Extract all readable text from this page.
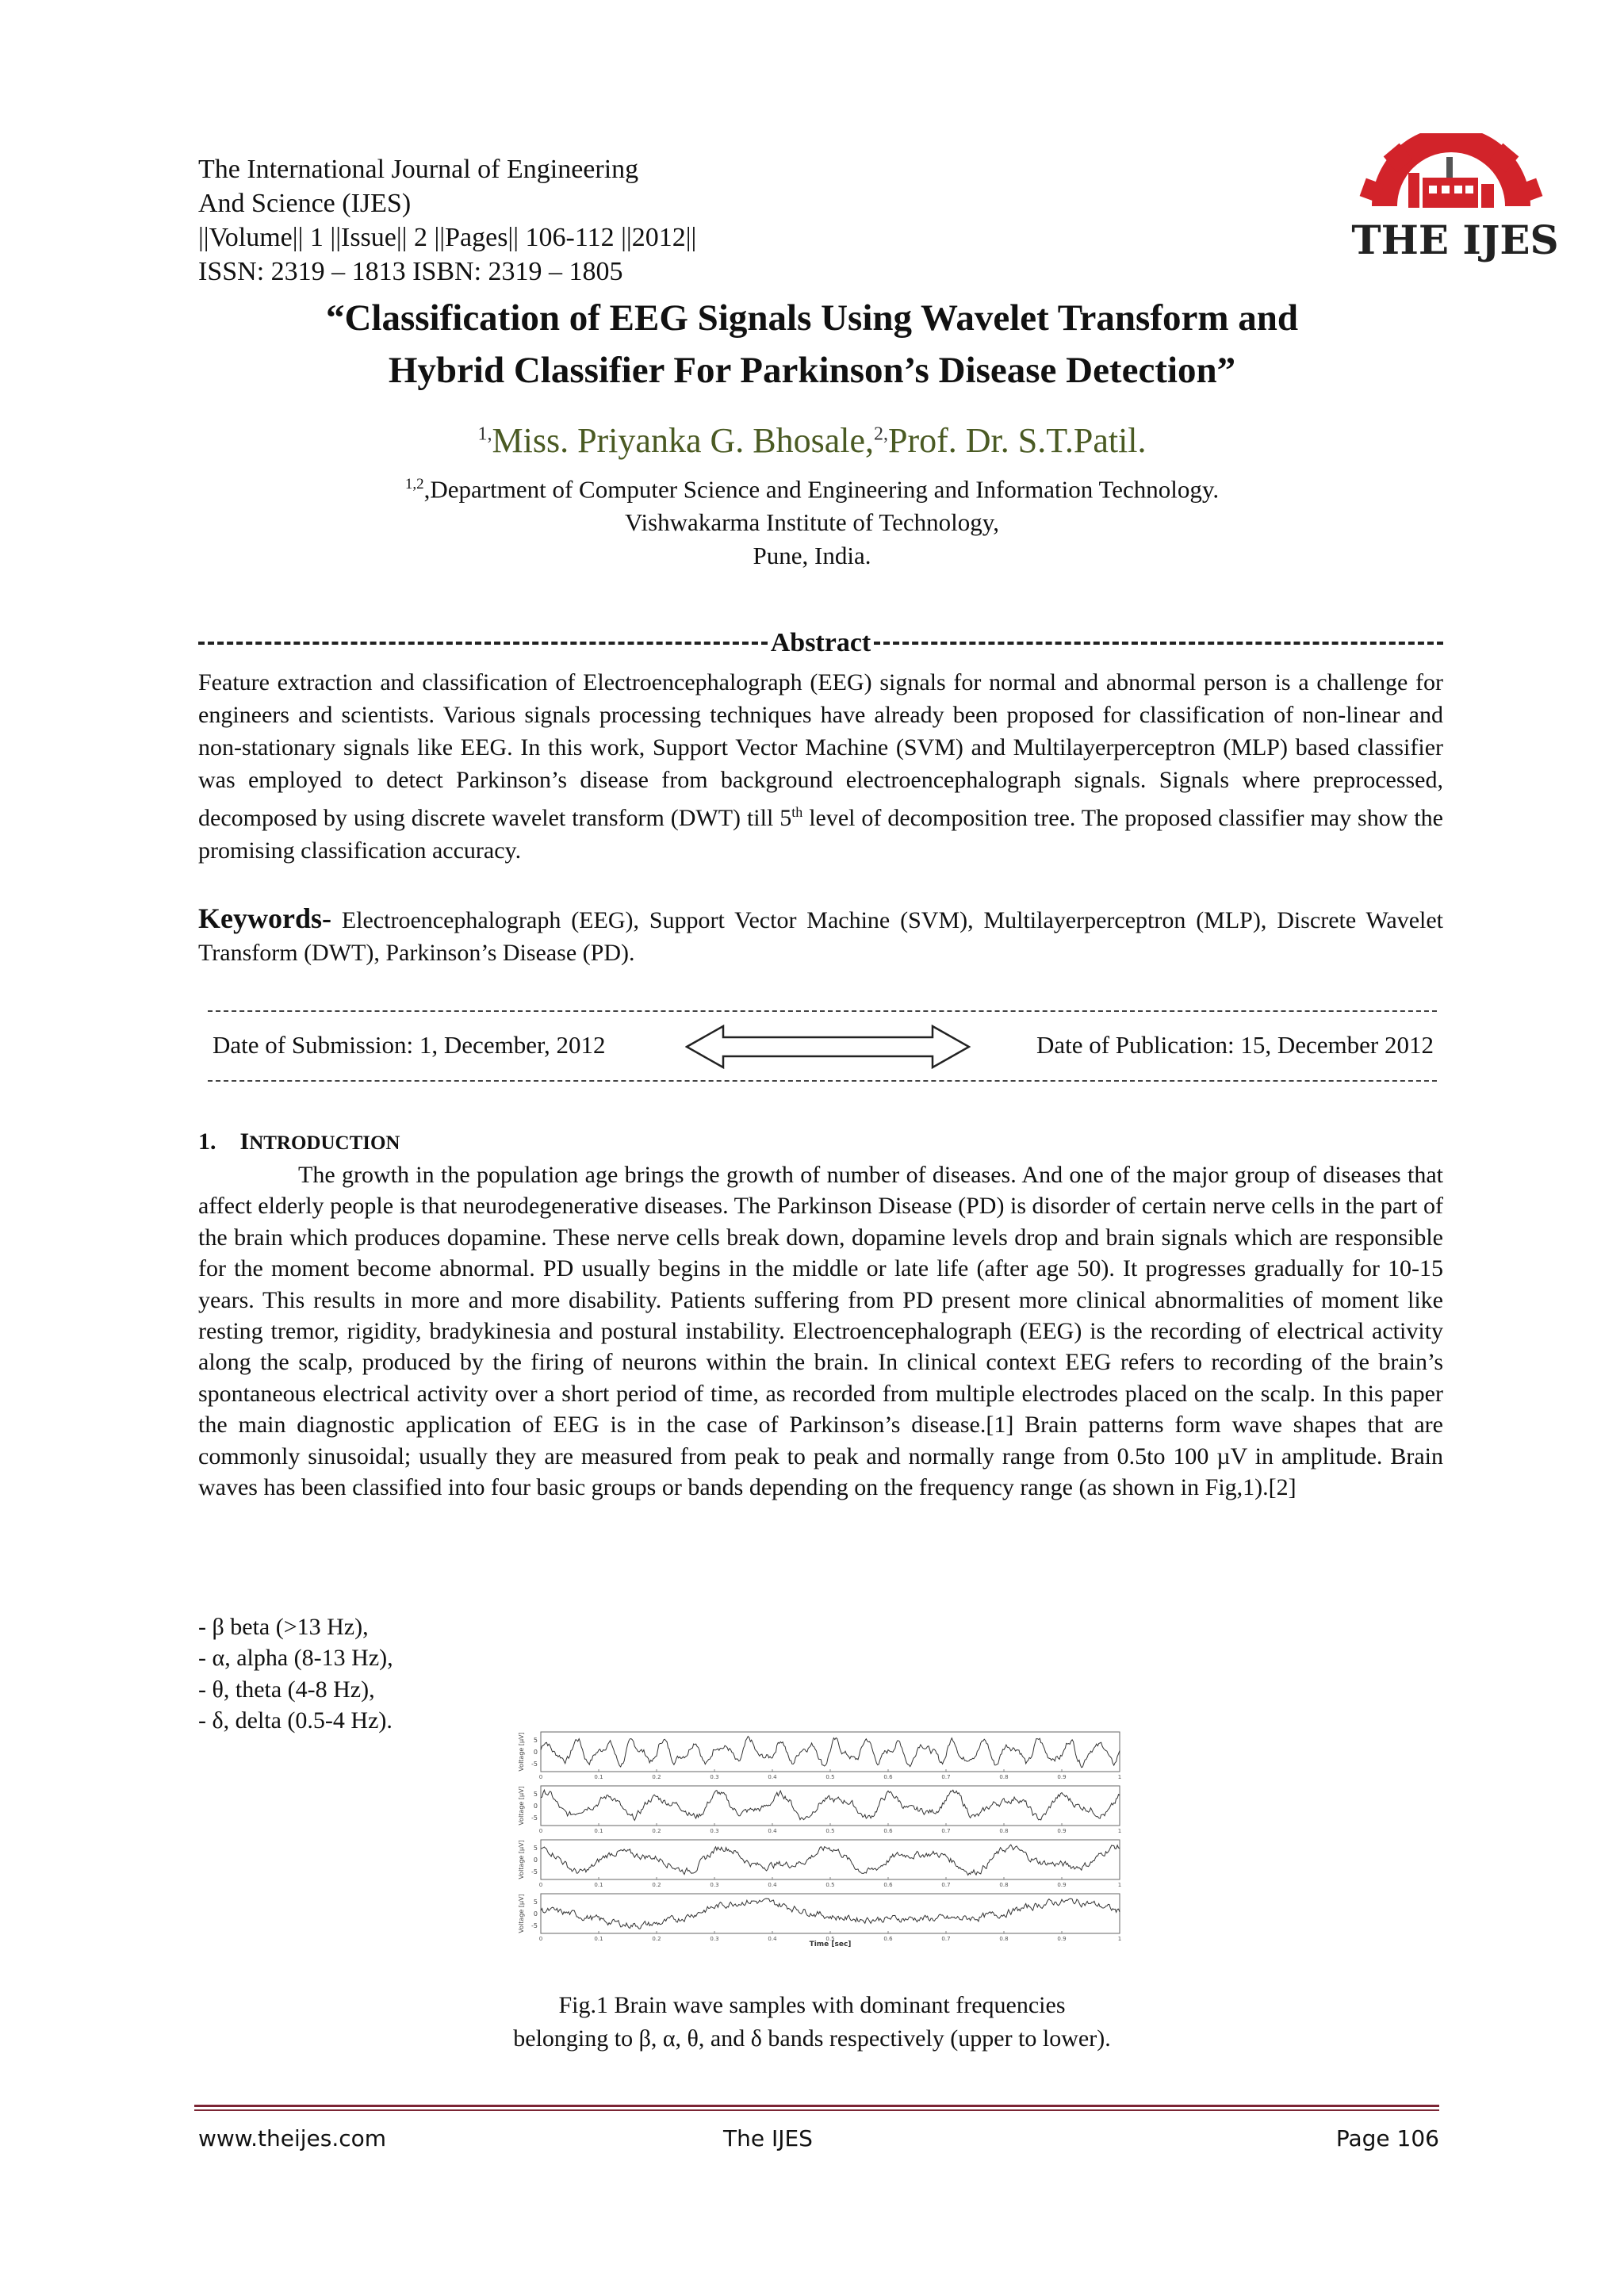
The International Journal of Engineering
And Science (IJES)
||Volume|| 1 ||Issue|| 2 ||Pages|| 106-112 ||2012||
ISSN: 2319 – 1813 ISBN: 2319 – 1805
THE IJES
“Classification of EEG Signals Using Wavelet Transform and
Hybrid Classifier For Parkinson’s Disease Detection”
$^{1,}$Miss. Priyanka G. Bhosale,$^{2,}$Prof. Dr. S.T.Patil.
$^{1,2}$,Department of Computer Science and Engineering and Information Technology.
Vishwakarma Institute of Technology,
Pune, India.
Abstract
Feature extraction and classification of Electroencephalograph (EEG) signals for normal and abnormal person is a challenge for engineers and scientists. Various signals processing techniques have already been proposed for classification of non-linear and non-stationary signals like EEG. In this work, Support Vector Machine (SVM) and Multilayerperceptron (MLP) based classifier was employed to detect Parkinson’s disease from background electroencephalograph signals. Signals where preprocessed, decomposed by using discrete wavelet transform (DWT) till 5th level of decomposition tree. The proposed classifier may show the promising classification accuracy.
Keywords- Electroencephalograph (EEG), Support Vector Machine (SVM), Multilayerperceptron (MLP), Discrete Wavelet Transform (DWT), Parkinson’s Disease (PD).
Date of Submission: 1, December, 2012	Date of Publication: 15, December 2012
1. INTRODUCTION

The growth in the population age brings the growth of number of diseases. And one of the major group of diseases that affect elderly people is that neurodegenerative diseases. The Parkinson Disease (PD) is disorder of certain nerve cells in the part of the brain which produces dopamine. These nerve cells break down, dopamine levels drop and brain signals which are responsible for the moment become abnormal. PD usually begins in the middle or late life (after age 50). It progresses gradually for 10-15 years. This results in more and more disability. Patients suffering from PD present more clinical abnormalities of moment like resting tremor, rigidity, bradykinesia and postural instability. Electroencephalograph (EEG) is the recording of electrical activity along the scalp, produced by the firing of neurons within the brain. In clinical context EEG refers to recording of the brain’s spontaneous electrical activity over a short period of time, as recorded from multiple electrodes placed on the scalp. In this paper the main diagnostic application of EEG is in the case of Parkinson’s disease.[1] Brain patterns form wave shapes that are commonly sinusoidal; usually they are measured from peak to peak and normally range from 0.5to 100 µV in amplitude. Brain waves has been classified into four basic groups or bands depending on the frequency range (as shown in Fig,1).[2]

- β beta (>13 Hz),
- α, alpha (8-13 Hz),
- θ, theta (4-8 Hz),
- δ, delta (0.5-4 Hz).
5
0
-5
Voltage [µV]
0	0.1	0.2	0.3	0.4	0.5	0.6	0.7	0.8	0.9	1
5
0
-5
Voltage [µV]
0	0.1	0.2	0.3	0.4	0.5	0.6	0.7	0.8	0.9	1
5
0
-5
Voltage [µV]
0	0.1	0.2	0.3	0.4	0.5	0.6	0.7	0.8	0.9	1
5
0
-5
Voltage [µV]
0	0.1	0.2	0.3	0.4	0.5	0.6	0.7	0.8	0.9	1
Time [sec]
Fig.1 Brain wave samples with dominant frequencies
belonging to β, α, θ, and δ bands respectively (upper to lower).
www.theijes.com	The IJES	Page 106
